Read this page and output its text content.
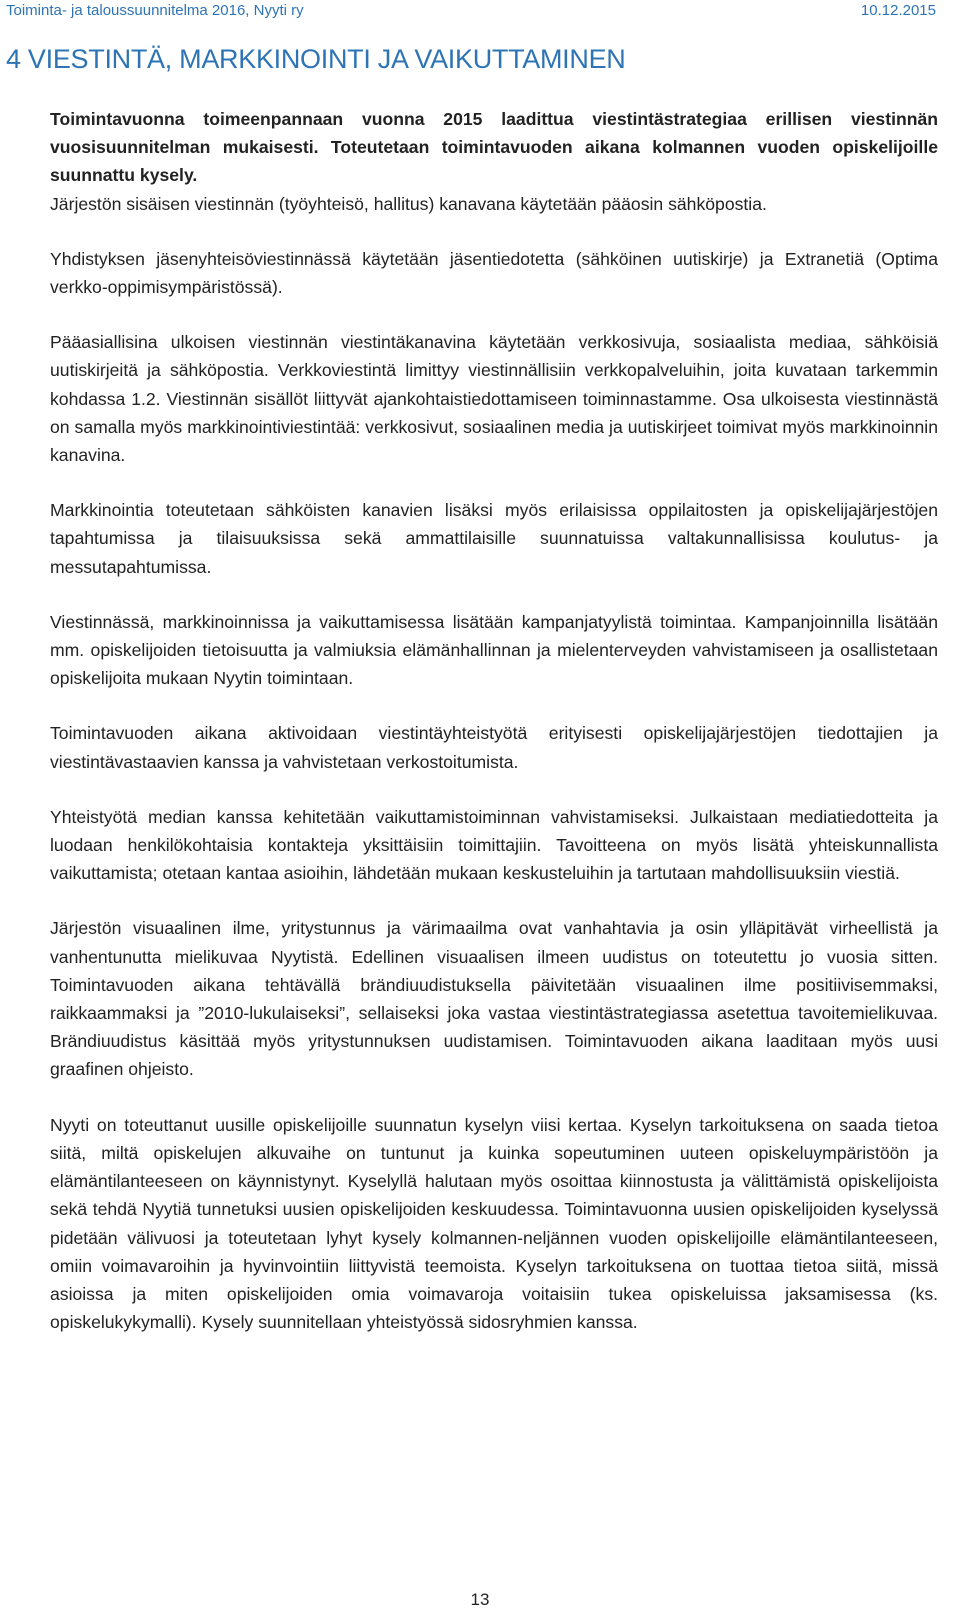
Toiminta- ja taloussuunnitelma 2016, Nyyti ry	10.12.2015
4 VIESTINTÄ, MARKKINOINTI JA VAIKUTTAMINEN

Toimintavuonna toimeenpannaan vuonna 2015 laadittua viestintästrategiaa erillisen viestinnän vuosisuunnitelman mukaisesti. Toteutetaan toimintavuoden aikana kolmannen vuoden opiskelijoille suunnattu kysely.

Järjestön sisäisen viestinnän (työyhteisö, hallitus) kanavana käytetään pääosin sähköpostia.

Yhdistyksen jäsenyhteisöviestinnässä käytetään jäsentiedotetta (sähköinen uutiskirje) ja Extranetiä (Optima verkko-oppimisympäristössä).

Pääasiallisina ulkoisen viestinnän viestintäkanavina käytetään verkkosivuja, sosiaalista mediaa, sähköisiä uutiskirjeitä ja sähköpostia. Verkkoviestintä limittyy viestinnällisiin verkkopalveluihin, joita kuvataan tarkemmin kohdassa 1.2. Viestinnän sisällöt liittyvät ajankohtaistiedottamiseen toiminnastamme. Osa ulkoisesta viestinnästä on samalla myös markkinointiviestintää: verkkosivut, sosiaalinen media ja uutiskirjeet toimivat myös markkinoinnin kanavina.

Markkinointia toteutetaan sähköisten kanavien lisäksi myös erilaisissa oppilaitosten ja opiskelijajärjestöjen tapahtumissa ja tilaisuuksissa sekä ammattilaisille suunnatuissa valtakunnallisissa koulutus- ja messutapahtumissa.

Viestinnässä, markkinoinnissa ja vaikuttamisessa lisätään kampanjatyylistä toimintaa. Kampanjoinnilla lisätään mm. opiskelijoiden tietoisuutta ja valmiuksia elämänhallinnan ja mielenterveyden vahvistamiseen ja osallistetaan opiskelijoita mukaan Nyytin toimintaan.

Toimintavuoden aikana aktivoidaan viestintäyhteistyötä erityisesti opiskelijajärjestöjen tiedottajien ja viestintävastaavien kanssa ja vahvistetaan verkostoitumista.

Yhteistyötä median kanssa kehitetään vaikuttamistoiminnan vahvistamiseksi. Julkaistaan mediatiedotteita ja luodaan henkilökohtaisia kontakteja yksittäisiin toimittajiin. Tavoitteena on myös lisätä yhteiskunnallista vaikuttamista; otetaan kantaa asioihin, lähdetään mukaan keskusteluihin ja tartutaan mahdollisuuksiin viestiä.

Järjestön visuaalinen ilme, yritystunnus ja värimaailma ovat vanhahtavia ja osin ylläpitävät virheellistä ja vanhentunutta mielikuvaa Nyytistä. Edellinen visuaalisen ilmeen uudistus on toteutettu jo vuosia sitten. Toimintavuoden aikana tehtävällä brändiuudistuksella päivitetään visuaalinen ilme positiivisemmaksi, raikkaammaksi ja ”2010-lukulaiseksi”, sellaiseksi joka vastaa viestintästrategiassa asetettua tavoitemielikuvaa. Brändiuudistus käsittää myös yritystunnuksen uudistamisen. Toimintavuoden aikana laaditaan myös uusi graafinen ohjeisto.

Nyyti on toteuttanut uusille opiskelijoille suunnatun kyselyn viisi kertaa. Kyselyn tarkoituksena on saada tietoa siitä, miltä opiskelujen alkuvaihe on tuntunut ja kuinka sopeutuminen uuteen opiskeluympäristöön ja elämäntilanteeseen on käynnistynyt. Kyselyllä halutaan myös osoittaa kiinnostusta ja välittämistä opiskelijoista sekä tehdä Nyytiä tunnetuksi uusien opiskelijoiden keskuudessa. Toimintavuonna uusien opiskelijoiden kyselyssä pidetään välivuosi ja toteutetaan lyhyt kysely kolmannen-neljännen vuoden opiskelijoille elämäntilanteeseen, omiin voimavaroihin ja hyvinvointiin liittyvistä teemoista. Kyselyn tarkoituksena on tuottaa tietoa siitä, missä asioissa ja miten opiskelijoiden omia voimavaroja voitaisiin tukea opiskeluissa jaksamisessa (ks. opiskelukykymalli). Kysely suunnitellaan yhteistyössä sidosryhmien kanssa.

13
